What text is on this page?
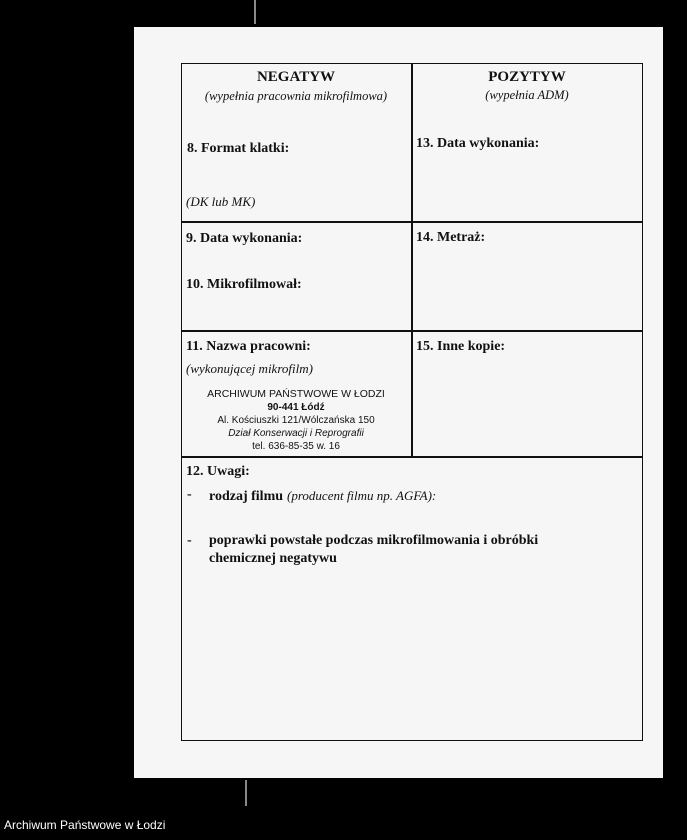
NEGATYW
(wypełnia pracownia mikrofilmowa)
POZYTYW
(wypełnia ADM)
8. Format klatki:
(DK lub MK)
13. Data wykonania:
9. Data wykonania:
10. Mikrofilmował:
14. Metraż:
11. Nazwa pracowni:
(wykonującej mikrofilm)
ARCHIWUM PAŃSTWOWE W ŁODZI
90-441 Łódź
Al. Kościuszki 121/Wólczańska 150
Dział Konserwacji i Reprografii
tel. 636-85-35 w. 16
15. Inne kopie:
12. Uwagi:
- rodzaj filmu (producent filmu np. AGFA):
- poprawki powstałe podczas mikrofilmowania i obróbki
chemicznej negatywu
Archiwum Państwowe w Łodzi
